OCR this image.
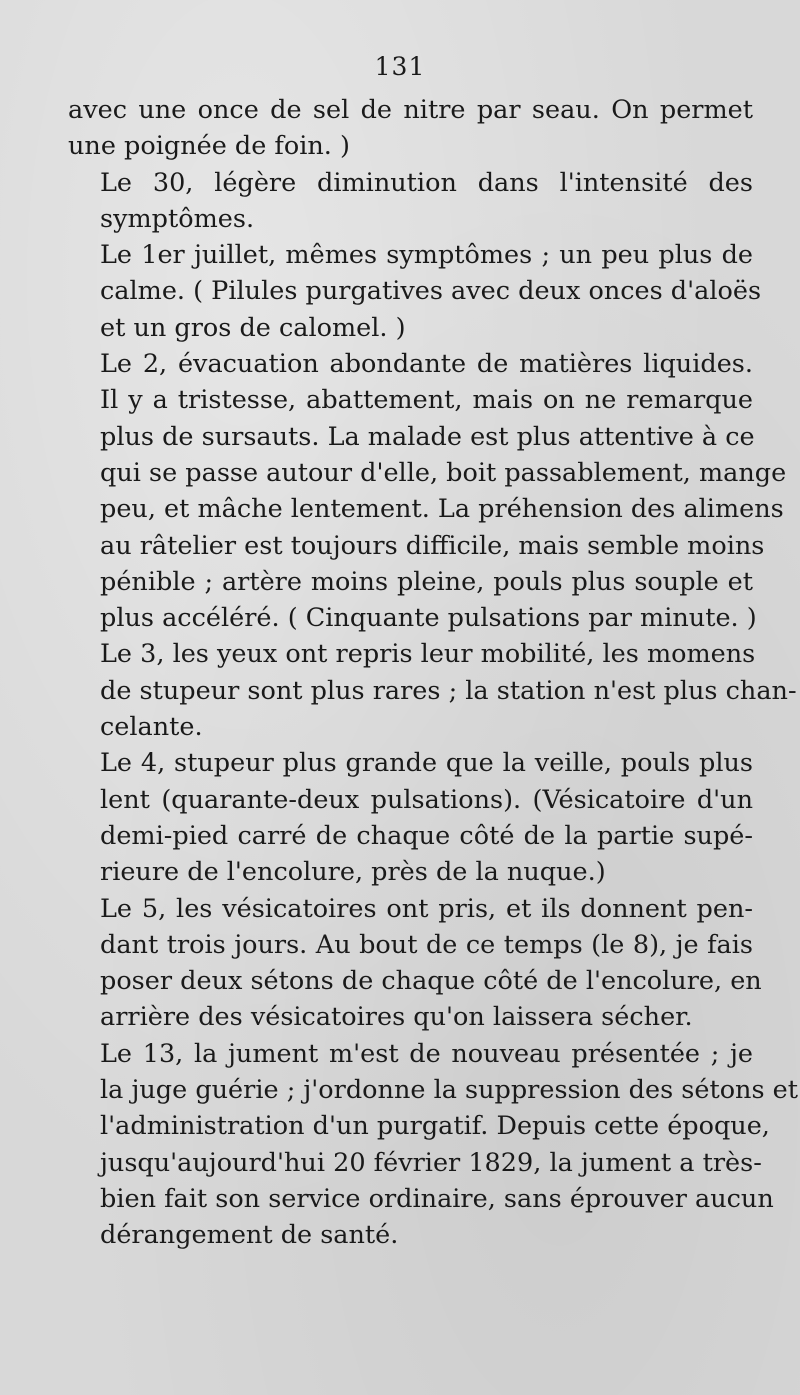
131

avec une once de sel de nitre par seau. On permet
une poignée de foin. )

Le 30, légère diminution dans l'intensité des
symptômes.

Le 1er juillet, mêmes symptômes ; un peu plus de
calme. ( Pilules purgatives avec deux onces d'aloës
et un gros de calomel. )

Le 2, évacuation abondante de matières liquides.
Il y a tristesse, abattement, mais on ne remarque
plus de sursauts. La malade est plus attentive à ce
qui se passe autour d'elle, boit passablement, mange
peu, et mâche lentement. La préhension des alimens
au râtelier est toujours difficile, mais semble moins
pénible ; artère moins pleine, pouls plus souple et
plus accéléré. ( Cinquante pulsations par minute. )

Le 3, les yeux ont repris leur mobilité, les momens
de stupeur sont plus rares ; la station n'est plus chan-
celante.

Le 4, stupeur plus grande que la veille, pouls plus
lent (quarante-deux pulsations). (Vésicatoire d'un
demi-pied carré de chaque côté de la partie supé-
rieure de l'encolure, près de la nuque.)

Le 5, les vésicatoires ont pris, et ils donnent pen-
dant trois jours. Au bout de ce temps (le 8), je fais
poser deux sétons de chaque côté de l'encolure, en
arrière des vésicatoires qu'on laissera sécher.

Le 13, la jument m'est de nouveau présentée ; je
la juge guérie ; j'ordonne la suppression des sétons et
l'administration d'un purgatif. Depuis cette époque,
jusqu'aujourd'hui 20 février 1829, la jument a très-
bien fait son service ordinaire, sans éprouver aucun
dérangement de santé.
